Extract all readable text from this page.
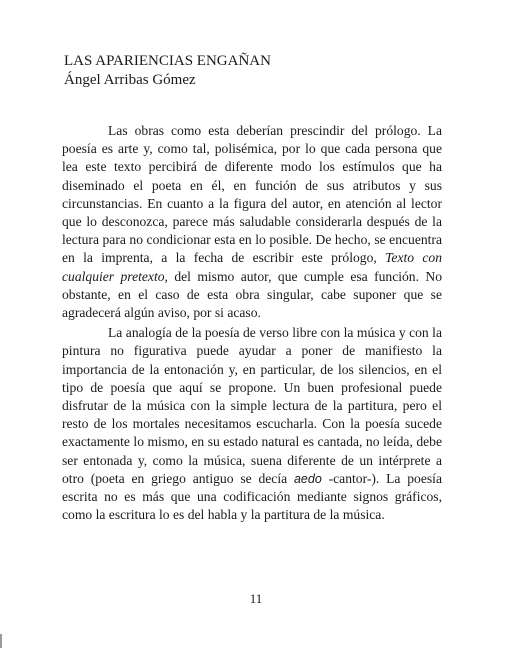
LAS APARIENCIAS ENGAÑAN
Ángel Arribas Gómez

Las obras como esta deberían prescindir del prólogo. La poesía es arte y, como tal, polisémica, por lo que cada persona que lea este texto percibirá de diferente modo los estímulos que ha diseminado el poeta en él, en función de sus atributos y sus circunstancias. En cuanto a la figura del autor, en atención al lector que lo desconozca, parece más saludable considerarla después de la lectura para no condicionar esta en lo posible. De hecho, se encuentra en la imprenta, a la fecha de escribir este prólogo, Texto con cualquier pretexto, del mismo autor, que cumple esa función. No obstante, en el caso de esta obra singular, cabe suponer que se agradecerá algún aviso, por si acaso.

La analogía de la poesía de verso libre con la música y con la pintura no figurativa puede ayudar a poner de manifiesto la importancia de la entonación y, en particular, de los silencios, en el tipo de poesía que aquí se propone. Un buen profesional puede disfrutar de la música con la simple lectura de la partitura, pero el resto de los mortales necesitamos escucharla. Con la poesía sucede exactamente lo mismo, en su estado natural es cantada, no leída, debe ser entonada y, como la música, suena diferente de un intérprete a otro (poeta en griego antiguo se decía aedo -cantor-). La poesía escrita no es más que una codificación mediante signos gráficos, como la escritura lo es del habla y la partitura de la música.

11
